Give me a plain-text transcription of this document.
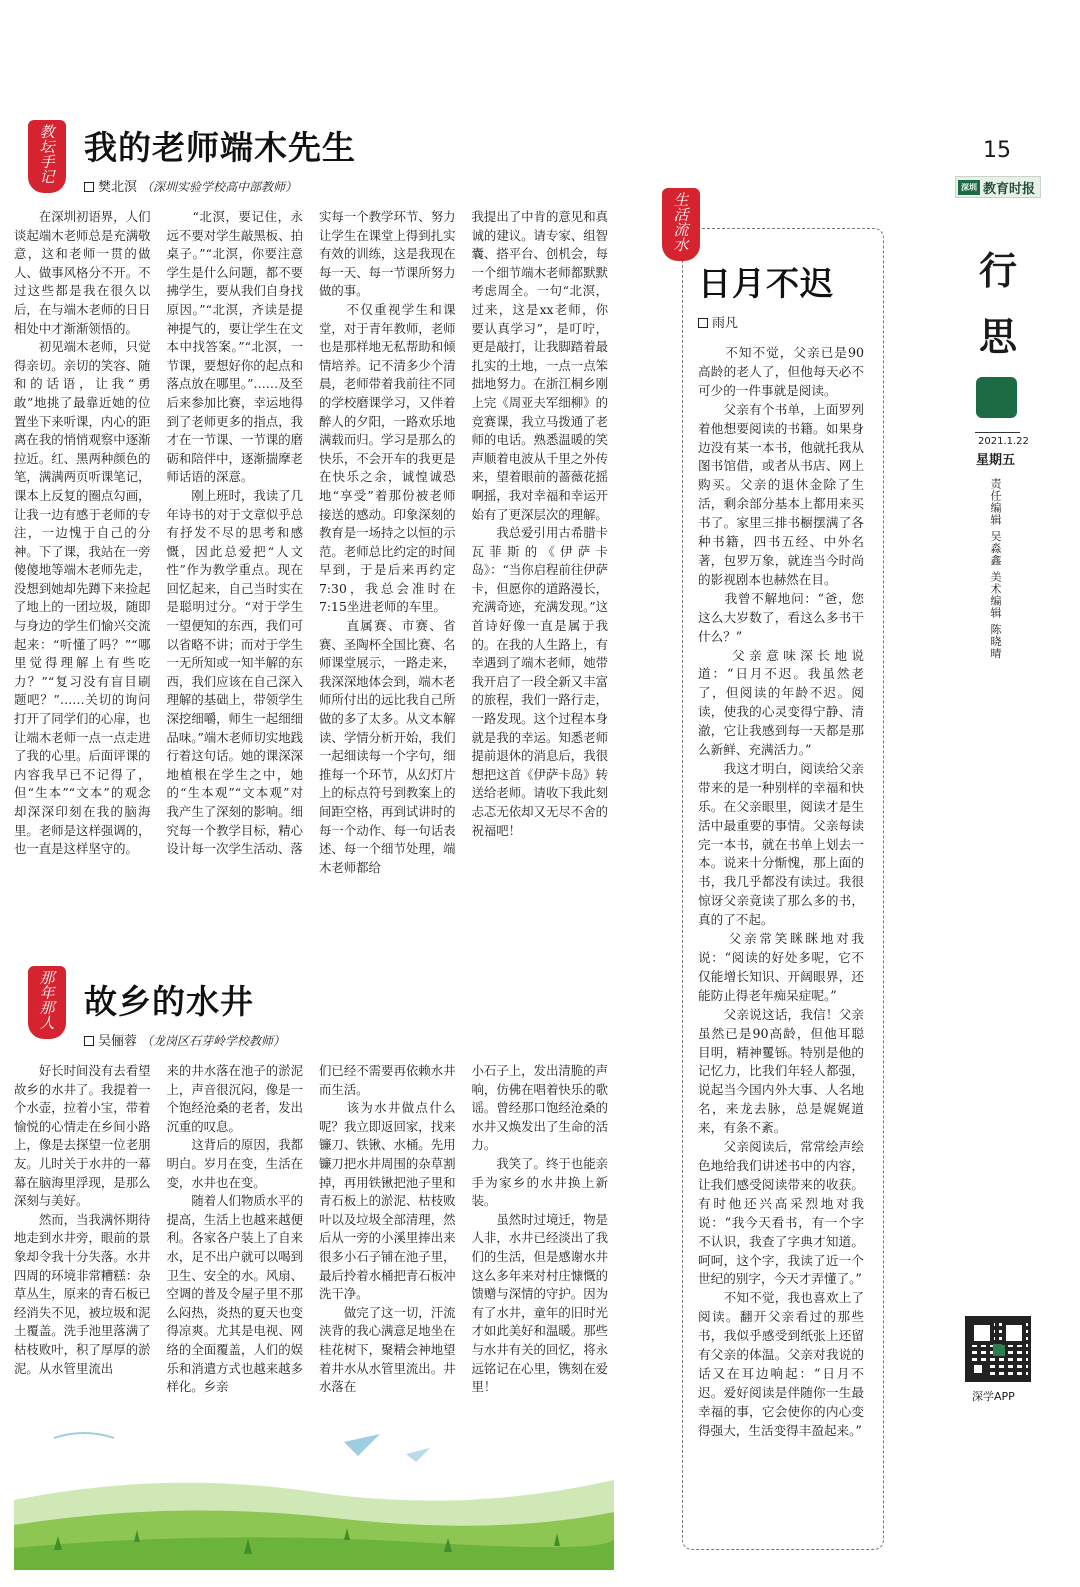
教
坛
手
记
我的老师端木先生
樊北溟 （深圳实验学校高中部教师）
　　在深圳初语界，人们谈起端木老师总是充满敬意，这和老师一贯的做人、做事风格分不开。不过这些都是我在很久以后，在与端木老师的日日相处中才渐渐领悟的。
　　初见端木老师，只觉得亲切。亲切的笑容、随和的话语，让我“勇敢”地挑了最靠近她的位置坐下来听课，内心的距离在我的悄悄观察中逐渐拉近。红、黑两种颜色的笔，满满两页听课笔记，课本上反复的圈点勾画，让我一边有感于老师的专注，一边愧于自己的分神。下了课，我站在一旁傻傻地等端木老师先走，没想到她却先蹲下来捡起了地上的一团垃圾，随即与身边的学生们愉兴交流起来：“听懂了吗？”“哪里觉得理解上有些吃力？”“复习没有盲目刷题吧？”……关切的询问打开了同学们的心扉，也让端木老师一点一点走进了我的心里。后面评课的内容我早已不记得了，但“生本”“文本”的观念却深深印刻在我的脑海里。老师是这样强调的，也一直是这样坚守的。
　　“北溟，要记住，永远不要对学生敲黑板、拍桌子。”“北溟，你要注意学生是什么问题，都不要拂学生，要从我们自身找原因。”“北溟，齐读是提神提气的，要让学生在文本中找答案。”“北溟，一节课，要想好你的起点和落点放在哪里。”……及至后来参加比赛，幸运地得到了老师更多的指点，我才在一节课、一节课的磨砺和陪伴中，逐渐揣摩老师话语的深意。
　　刚上班时，我读了几年诗书的对于文章似乎总有抒发不尽的思考和感慨，因此总爱把“人文性”作为教学重点。现在回忆起来，自己当时实在是聪明过分。“对于学生一望便知的东西，我们可以省略不讲；而对于学生一无所知或一知半解的东西，我们应该在自己深入理解的基础上，带领学生深挖细嚼，师生一起细细品味。”端木老师切实地践行着这句话。她的课深深地植根在学生之中，她的“生本观”“文本观”对我产生了深刻的影响。细究每一个教学目标，精心设计每一次学生活动、落
实每一个教学环节、努力让学生在课堂上得到扎实有效的训练，这是我现在每一天、每一节课所努力做的事。
　　不仅重视学生和课堂，对于青年教师，老师也是那样地无私帮助和倾情培养。记不清多少个清晨，老师带着我前往不同的学校磨课学习，又伴着醉人的夕阳，一路欢乐地满载而归。学习是那么的快乐，不会开车的我更是在快乐之余，诚惶诚恐地“享受”着那份被老师接送的感动。印象深刻的教育是一场持之以恒的示范。老师总比约定的时间早到，于是后来再约定7:30，我总会准时在7:15坐进老师的车里。
　　直属赛、市赛、省赛、圣陶杯全国比赛、名师课堂展示，一路走来，我深深地体会到，端木老师所付出的远比我自己所做的多了太多。从文本解读、学情分析开始，我们一起细读每一个字句，细推每一个环节，从幻灯片上的标点符号到教案上的间距空格，再到试讲时的每一个动作、每一句话表述、每一个细节处理，端木老师都给
我提出了中肯的意见和真诚的建议。请专家、组智囊、搭平台、创机会，每一个细节端木老师都默默考虑周全。一句“北溟，过来，这是xx老师，你要认真学习”，是叮咛，更是敲打，让我脚踏着最扎实的土地，一点一点笨拙地努力。在浙江桐乡刚上完《周亚夫军细柳》的竞赛课，我立马拨通了老师的电话。熟悉温暖的笑声顺着电波从千里之外传来，望着眼前的蔷薇花摇啊摇，我对幸福和幸运开始有了更深层次的理解。
　　我总爱引用古希腊卡瓦菲斯的《伊萨卡岛》：“当你启程前往伊萨卡，但愿你的道路漫长，充满奇迹，充满发现。”这首诗好像一直是属于我的。在我的人生路上，有幸遇到了端木老师，她带我开启了一段全新又丰富的旅程，我们一路行走，一路发现。这个过程本身就是我的幸运。知悉老师提前退休的消息后，我很想把这首《伊萨卡岛》转送给老师。请收下我此刻忐忑无依却又无尽不舍的祝福吧！
那
年
那
人
故乡的水井
吴俪蓉 （龙岗区石芽岭学校教师）
　　好长时间没有去看望故乡的水井了。我提着一个水壶，拉着小宝，带着愉悦的心情走在乡间小路上，像是去探望一位老朋友。儿时关于水井的一幕幕在脑海里浮现，是那么深刻与美好。
　　然而，当我满怀期待地走到水井旁，眼前的景象却令我十分失落。水井四周的环境非常糟糕：杂草丛生，原来的青石板已经消失不见，被垃圾和泥土覆盖。洗手池里落满了枯枝败叶，积了厚厚的淤泥。从水管里流出
来的井水落在池子的淤泥上，声音很沉闷，像是一个饱经沧桑的老者，发出沉重的叹息。
　　这背后的原因，我都明白。岁月在变，生活在变，水井也在变。
　　随着人们物质水平的提高，生活上也越来越便利。各家各户装上了自来水，足不出户就可以喝到卫生、安全的水。风扇、空调的普及令屋子里不那么闷热，炎热的夏天也变得凉爽。尤其是电视、网络的全面覆盖，人们的娱乐和消遣方式也越来越多样化。乡亲
们已经不需要再依赖水井而生活。
　　该为水井做点什么呢？我立即返回家，找来镰刀、铁锹、水桶。先用镰刀把水井周围的杂草割掉，再用铁锹把池子里和青石板上的淤泥、枯枝败叶以及垃圾全部清理，然后从一旁的小溪里捧出来很多小石子铺在池子里，最后拎着水桶把青石板冲洗干净。
　　做完了这一切，汗流浃背的我心满意足地坐在桂花树下，聚精会神地望着井水从水管里流出。井水落在
小石子上，发出清脆的声响，仿佛在唱着快乐的歌谣。曾经那口饱经沧桑的水井又焕发出了生命的活力。
　　我笑了。终于也能亲手为家乡的水井换上新装。
　　虽然时过境迁，物是人非，水井已经淡出了我们的生活，但是感谢水井这么多年来对村庄慷慨的馈赠与深情的守护。因为有了水井，童年的旧时光才如此美好和温暖。那些与水井有关的回忆，将永远铭记在心里，镌刻在爱里！
生
活
流
水
日月不迟
雨凡
　　不知不觉，父亲已是90高龄的老人了，但他每天必不可少的一件事就是阅读。
　　父亲有个书单，上面罗列着他想要阅读的书籍。如果身边没有某一本书，他就托我从图书馆借，或者从书店、网上购买。父亲的退休金除了生活，剩余部分基本上都用来买书了。家里三排书橱摆满了各种书籍，四书五经、中外名著，包罗万象，就连当今时尚的影视剧本也赫然在目。
　　我曾不解地问：“爸，您这么大岁数了，看这么多书干什么？”
　　父亲意味深长地说道：“日月不迟。我虽然老了，但阅读的年龄不迟。阅读，使我的心灵变得宁静、清澈，它让我感到每一天都是那么新鲜、充满活力。”
　　我这才明白，阅读给父亲带来的是一种别样的幸福和快乐。在父亲眼里，阅读才是生活中最重要的事情。父亲每读完一本书，就在书单上划去一本。说来十分惭愧，那上面的书，我几乎都没有读过。我很惊讶父亲竟读了那么多的书，真的了不起。
　　父亲常笑眯眯地对我说：“阅读的好处多呢，它不仅能增长知识、开阔眼界，还能防止得老年痴呆症呢。”
　　父亲说这话，我信！父亲虽然已是90高龄，但他耳聪目明，精神矍铄。特别是他的记忆力，比我们年轻人都强，说起当今国内外大事、人名地名，来龙去脉，总是娓娓道来，有条不紊。
　　父亲阅读后，常常绘声绘色地给我们讲述书中的内容，让我们感受阅读带来的收获。有时他还兴高采烈地对我说：“我今天看书，有一个字不认识，我查了字典才知道。呵呵，这个字，我读了近一个世纪的别字，今天才弄懂了。”
　　不知不觉，我也喜欢上了阅读。翻开父亲看过的那些书，我似乎感受到纸张上还留有父亲的体温。父亲对我说的话又在耳边响起：“日月不迟。爱好阅读是伴随你一生最幸福的事，它会使你的内心变得强大，生活变得丰盈起来。”
15
深圳 教育时报
行
思
2021.1.22
星期五
责任编辑 吴淼鑫 美术编辑 陈晓晴
深学APP
